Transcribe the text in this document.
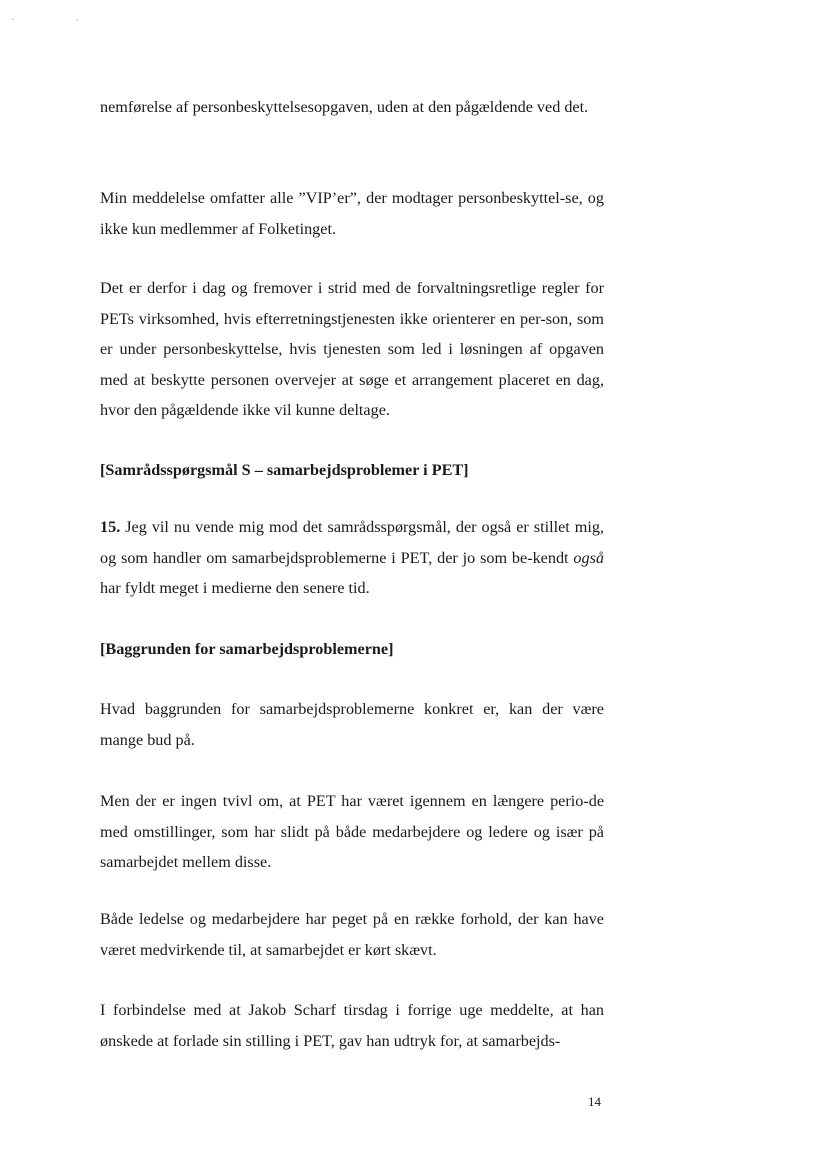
nemførelse af personbeskyttelsesopgaven, uden at den pågældende ved det.

Min meddelelse omfatter alle ”VIP’er”, der modtager personbeskyttel-se, og ikke kun medlemmer af Folketinget.

Det er derfor i dag og fremover i strid med de forvaltningsretlige regler for PETs virksomhed, hvis efterretningstjenesten ikke orienterer en per-son, som er under personbeskyttelse, hvis tjenesten som led i løsningen af opgaven med at beskytte personen overvejer at søge et arrangement placeret en dag, hvor den pågældende ikke vil kunne deltage.

[Samrådsspørgsmål S – samarbejdsproblemer i PET]

15. Jeg vil nu vende mig mod det samrådsspørgsmål, der også er stillet mig, og som handler om samarbejdsproblemerne i PET, der jo som be-kendt også har fyldt meget i medierne den senere tid.

[Baggrunden for samarbejdsproblemerne]

Hvad baggrunden for samarbejdsproblemerne konkret er, kan der være mange bud på.

Men der er ingen tvivl om, at PET har været igennem en længere perio-de med omstillinger, som har slidt på både medarbejdere og ledere og især på samarbejdet mellem disse.

Både ledelse og medarbejdere har peget på en række forhold, der kan have været medvirkende til, at samarbejdet er kørt skævt.

I forbindelse med at Jakob Scharf tirsdag i forrige uge meddelte, at han ønskede at forlade sin stilling i PET, gav han udtryk for, at samarbejds-

14
